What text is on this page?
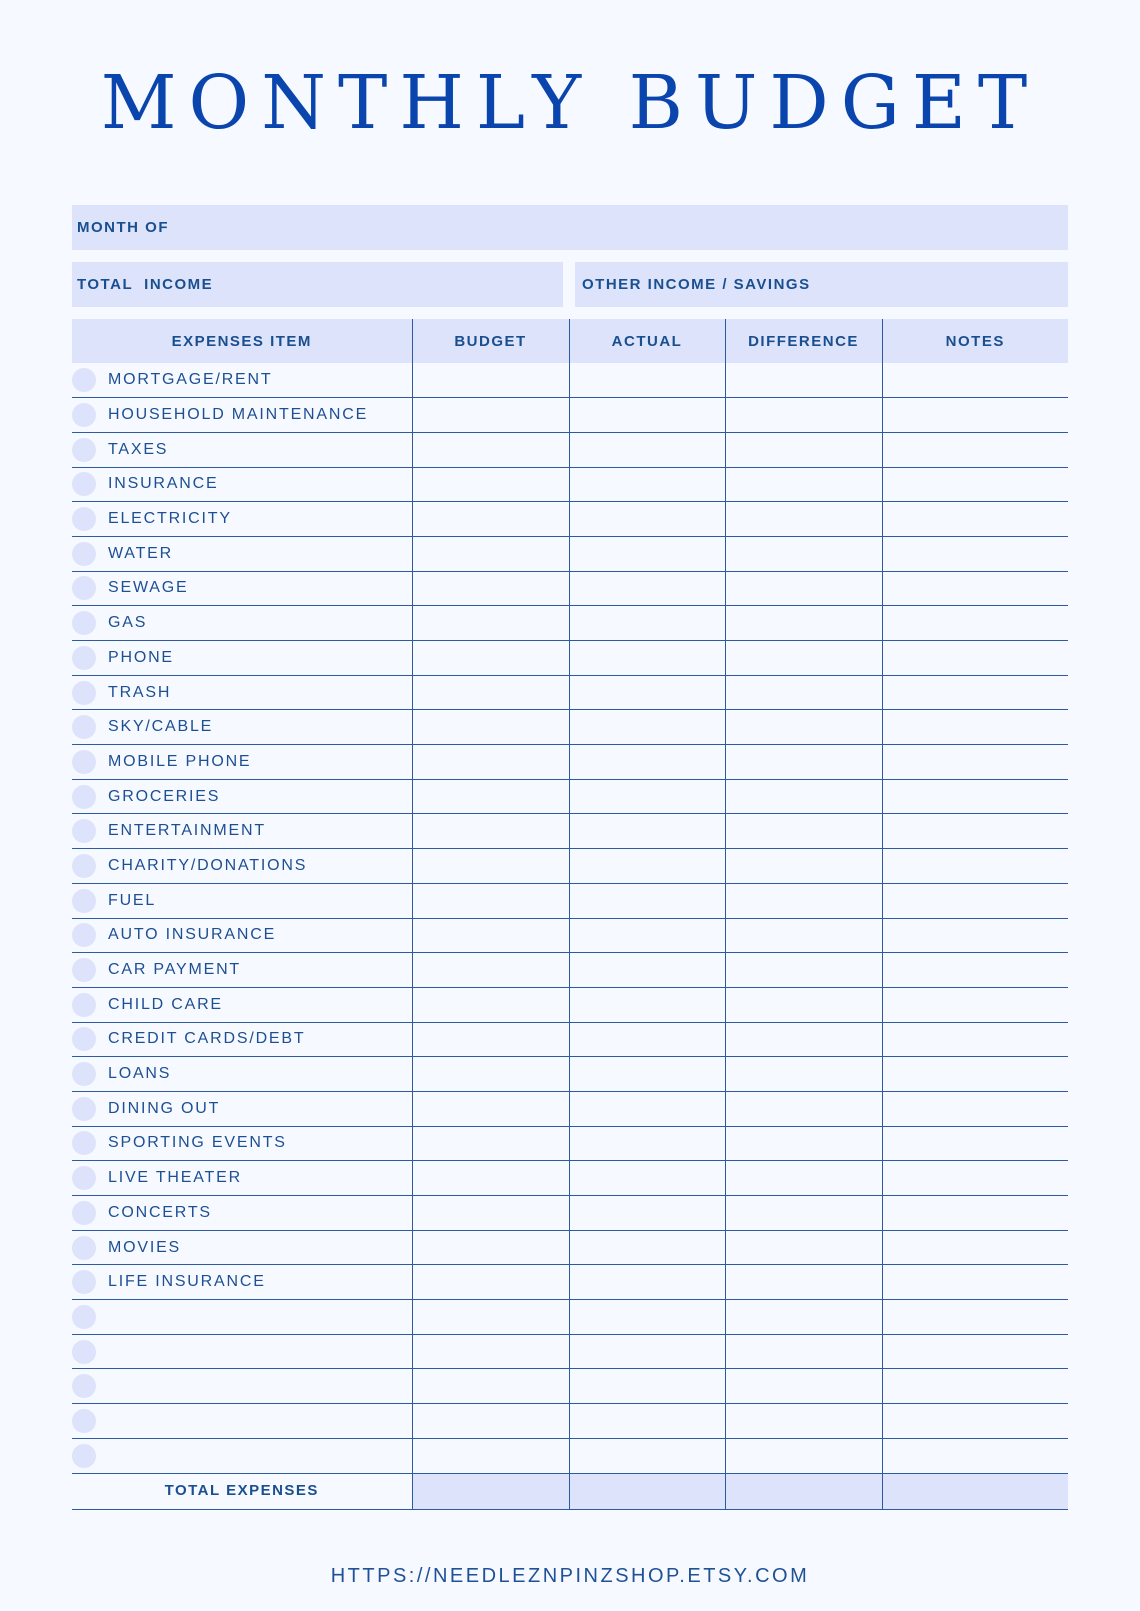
MONTHLY BUDGET
MONTH OF
TOTAL  INCOME	OTHER INCOME / SAVINGS
EXPENSES ITEM	BUDGET	ACTUAL	DIFFERENCE	NOTES

MORTGAGE/RENT				

HOUSEHOLD MAINTENANCE				

TAXES				

INSURANCE				

ELECTRICITY				

WATER				

SEWAGE				

GAS				

PHONE				

TRASH				

SKY/CABLE				

MOBILE PHONE				

GROCERIES				

ENTERTAINMENT				

CHARITY/DONATIONS				

FUEL				

AUTO INSURANCE				

CAR PAYMENT				

CHILD CARE				

CREDIT CARDS/DEBT				

LOANS				

DINING OUT				

SPORTING EVENTS				

LIVE THEATER				

CONCERTS				

MOVIES				

LIFE INSURANCE				

TOTAL EXPENSES				
HTTPS://NEEDLEZNPINZSHOP.ETSY.COM
